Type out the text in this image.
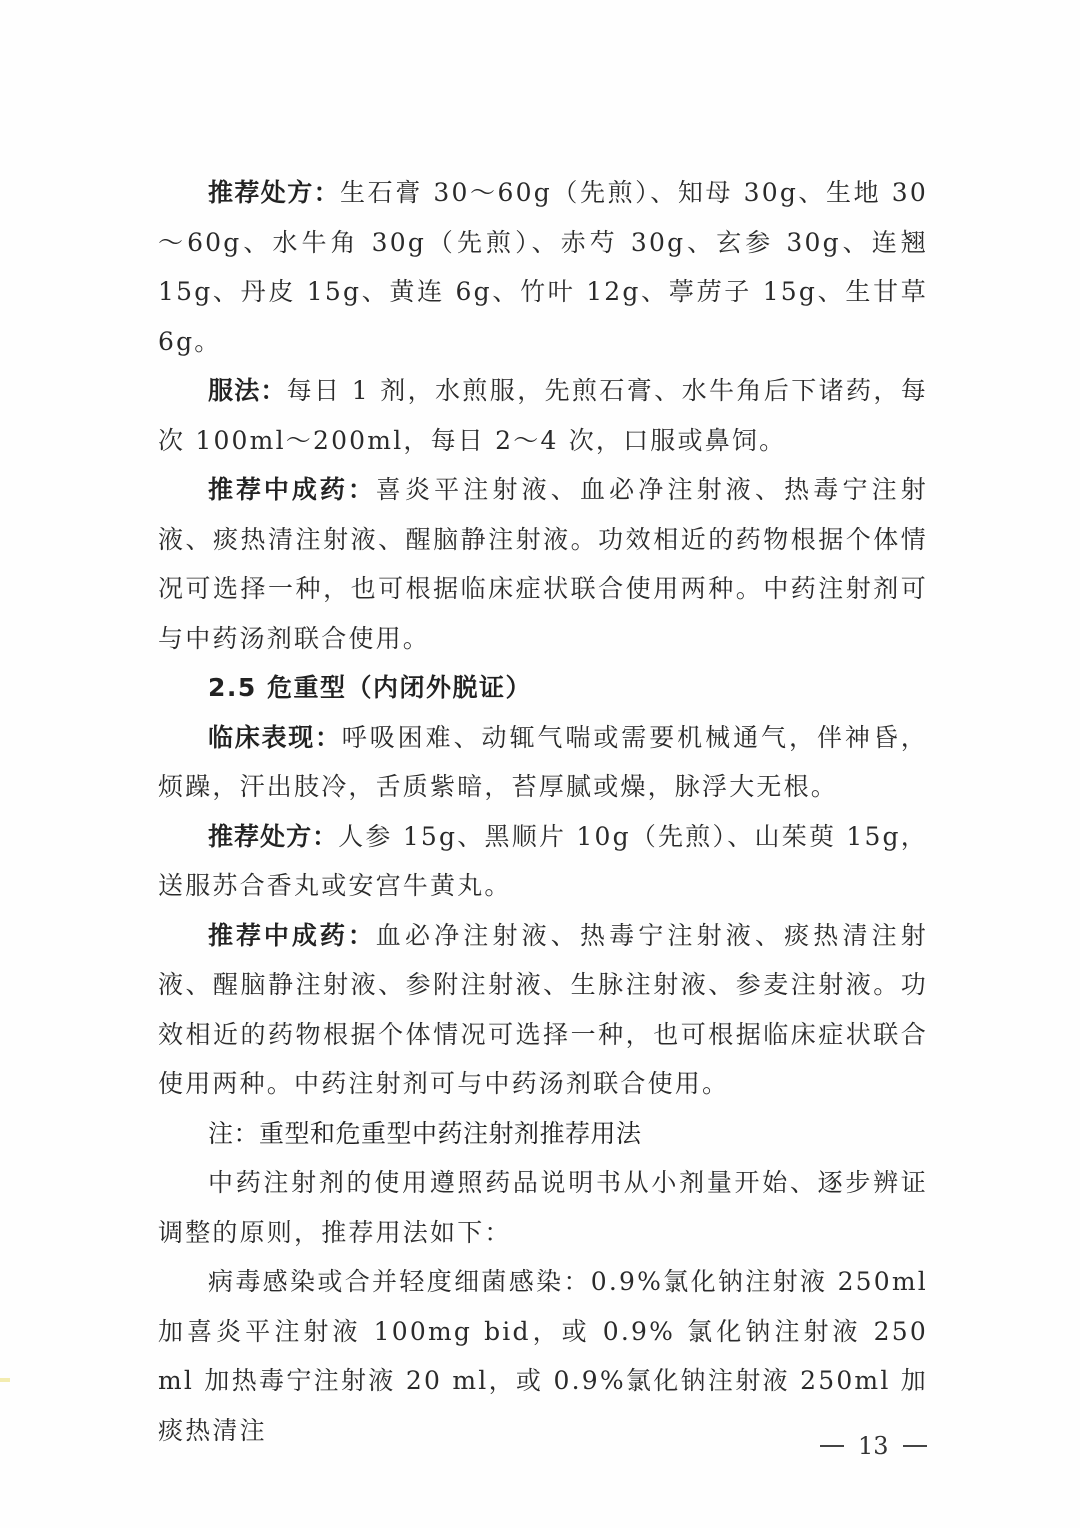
推荐处方：生石膏 30～60g（先煎）、知母 30g、生地 30～60g、水牛角 30g（先煎）、赤芍 30g、玄参 30g、连翘 15g、丹皮 15g、黄连 6g、竹叶 12g、葶苈子 15g、生甘草 6g。

服法：每日 1 剂，水煎服，先煎石膏、水牛角后下诸药，每次 100ml～200ml，每日 2～4 次，口服或鼻饲。

推荐中成药：喜炎平注射液、血必净注射液、热毒宁注射液、痰热清注射液、醒脑静注射液。功效相近的药物根据个体情况可选择一种，也可根据临床症状联合使用两种。中药注射剂可与中药汤剂联合使用。

2.5 危重型（内闭外脱证）

临床表现：呼吸困难、动辄气喘或需要机械通气，伴神昏，烦躁，汗出肢冷，舌质紫暗，苔厚腻或燥，脉浮大无根。

推荐处方：人参 15g、黑顺片 10g（先煎）、山茱萸 15g，送服苏合香丸或安宫牛黄丸。

推荐中成药：血必净注射液、热毒宁注射液、痰热清注射液、醒脑静注射液、参附注射液、生脉注射液、参麦注射液。功效相近的药物根据个体情况可选择一种，也可根据临床症状联合使用两种。中药注射剂可与中药汤剂联合使用。

注：重型和危重型中药注射剂推荐用法

中药注射剂的使用遵照药品说明书从小剂量开始、逐步辨证调整的原则，推荐用法如下：

病毒感染或合并轻度细菌感染：0.9%氯化钠注射液 250ml 加喜炎平注射液 100mg bid，或 0.9% 氯化钠注射液 250 ml 加热毒宁注射液 20 ml，或 0.9%氯化钠注射液 250ml 加痰热清注

13
